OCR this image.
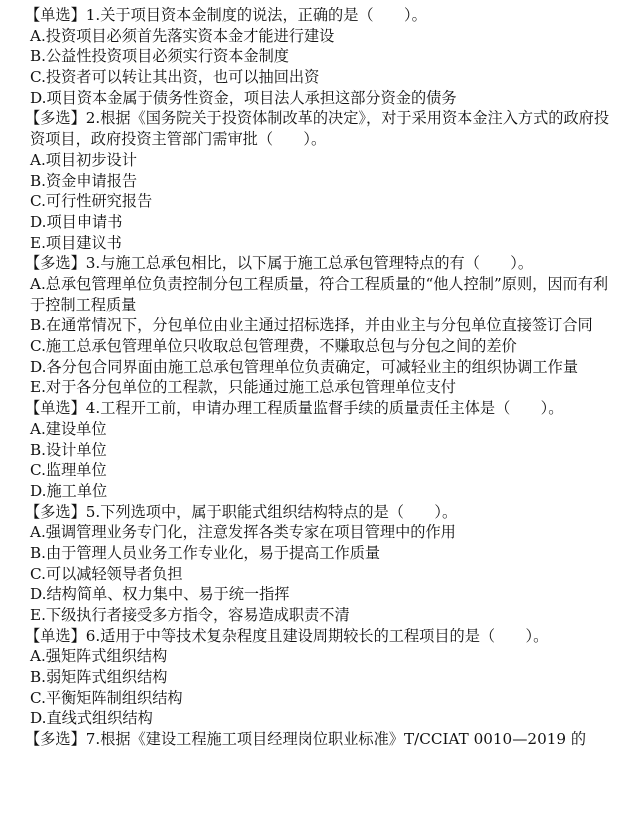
【单选】1.关于项目资本金制度的说法，正确的是（　　）。
A.投资项目必须首先落实资本金才能进行建设
B.公益性投资项目必须实行资本金制度
C.投资者可以转让其出资，也可以抽回出资
D.项目资本金属于债务性资金，项目法人承担这部分资金的债务
【多选】2.根据《国务院关于投资体制改革的决定》，对于采用资本金注入方式的政府投资项目，政府投资主管部门需审批（　　）。
A.项目初步设计
B.资金申请报告
C.可行性研究报告
D.项目申请书
E.项目建议书
【多选】3.与施工总承包相比，以下属于施工总承包管理特点的有（　　）。
A.总承包管理单位负责控制分包工程质量，符合工程质量的“他人控制”原则，因而有利于控制工程质量
B.在通常情况下，分包单位由业主通过招标选择，并由业主与分包单位直接签订合同
C.施工总承包管理单位只收取总包管理费，不赚取总包与分包之间的差价
D.各分包合同界面由施工总承包管理单位负责确定，可减轻业主的组织协调工作量
E.对于各分包单位的工程款，只能通过施工总承包管理单位支付
【单选】4.工程开工前，申请办理工程质量监督手续的质量责任主体是（　　）。
A.建设单位
B.设计单位
C.监理单位
D.施工单位
【多选】5.下列选项中，属于职能式组织结构特点的是（　　）。
A.强调管理业务专门化，注意发挥各类专家在项目管理中的作用
B.由于管理人员业务工作专业化，易于提高工作质量
C.可以减轻领导者负担
D.结构简单、权力集中、易于统一指挥
E.下级执行者接受多方指令，容易造成职责不清
【单选】6.适用于中等技术复杂程度且建设周期较长的工程项目的是（　　）。
A.强矩阵式组织结构
B.弱矩阵式组织结构
C.平衡矩阵制组织结构
D.直线式组织结构
【多选】7.根据《建设工程施工项目经理岗位职业标准》T/CCIAT 0010—2019 的
